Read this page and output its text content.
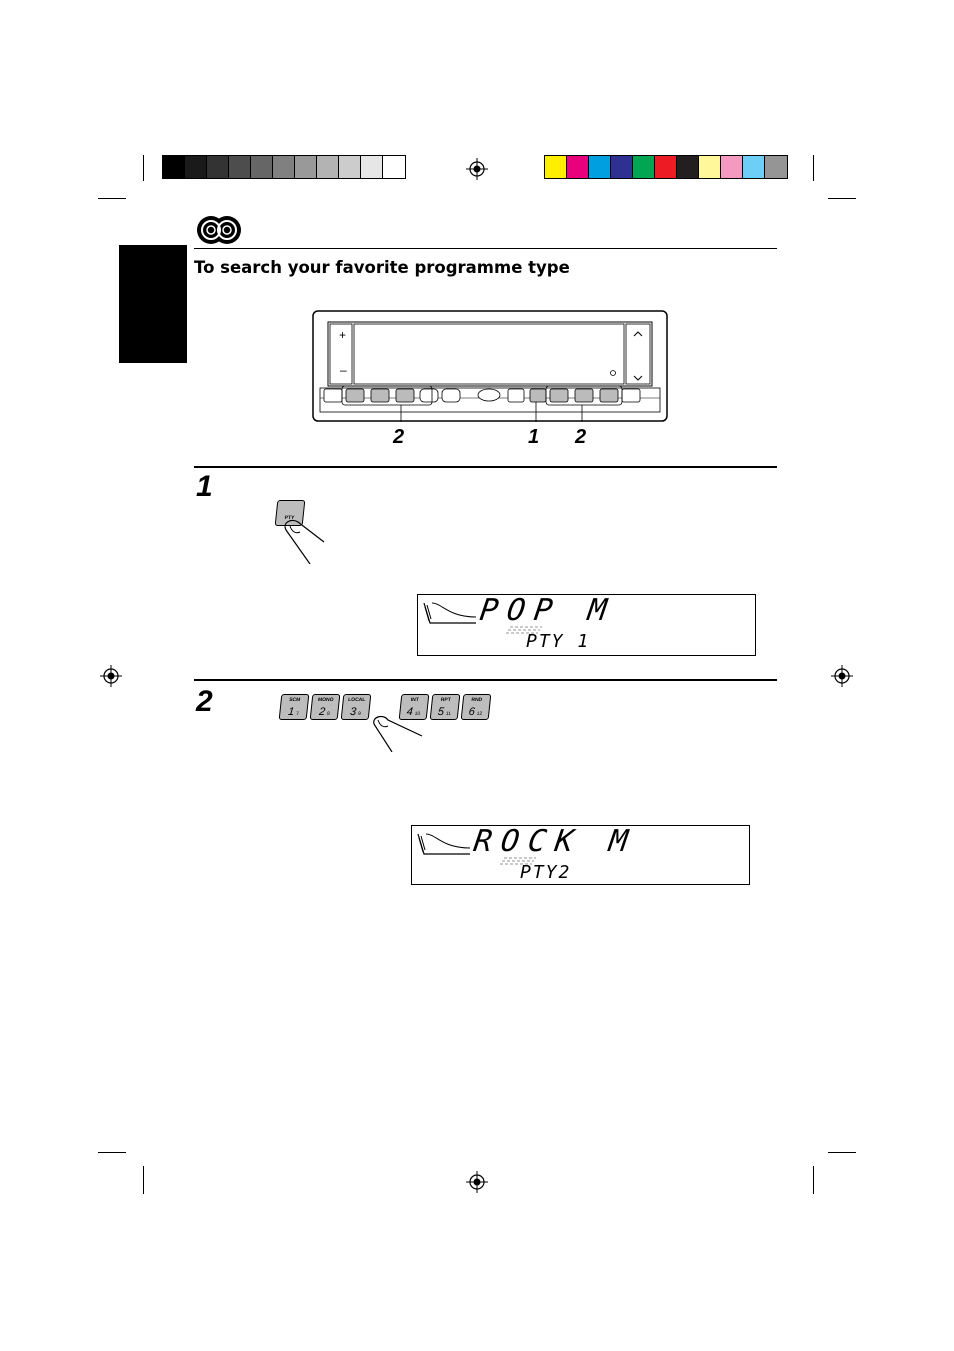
To search your favorite programme type
+
–
2	1 2
1
$_{PTY}$
POP M
PTY 1
2	SCM
17
MONO
28
LOCAL
39
INT
410
RPT
511
RND
612
ROCK M
PTY2
